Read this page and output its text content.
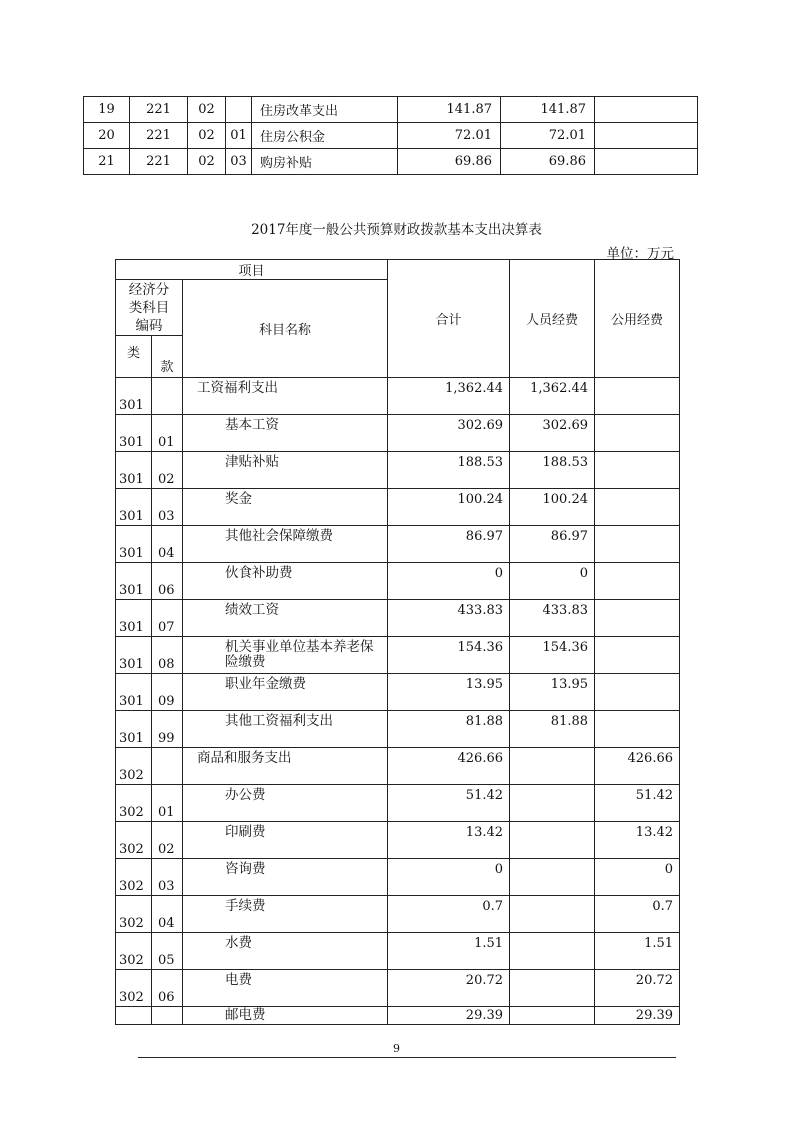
19	221	02		住房改革支出	141.87	141.87	
20	221	02	01	住房公积金	72.01	72.01	
21	221	02	03	购房补贴	69.86	69.86	
2017年度一般公共预算财政拨款基本支出决算表
单位：万元
项目			合计	人员经费	公用经费
经济分类科目编码		科目名称			
类					
	款				
301		工资福利支出	1,362.44	1,362.44	
301	01	基本工资	302.69	302.69	
301	02	津贴补贴	188.53	188.53	
301	03	奖金	100.24	100.24	
301	04	其他社会保障缴费	86.97	86.97	
301	06	伙食补助费	0	0	
301	07	绩效工资	433.83	433.83	
301	08	机关事业单位基本养老保险缴费	154.36	154.36	
301	09	职业年金缴费	13.95	13.95	
301	99	其他工资福利支出	81.88	81.88	
302		商品和服务支出	426.66		426.66
302	01	办公费	51.42		51.42
302	02	印刷费	13.42		13.42
302	03	咨询费	0		0
302	04	手续费	0.7		0.7
302	05	水费	1.51		1.51
302	06	电费	20.72		20.72
		邮电费	29.39		29.39
9
